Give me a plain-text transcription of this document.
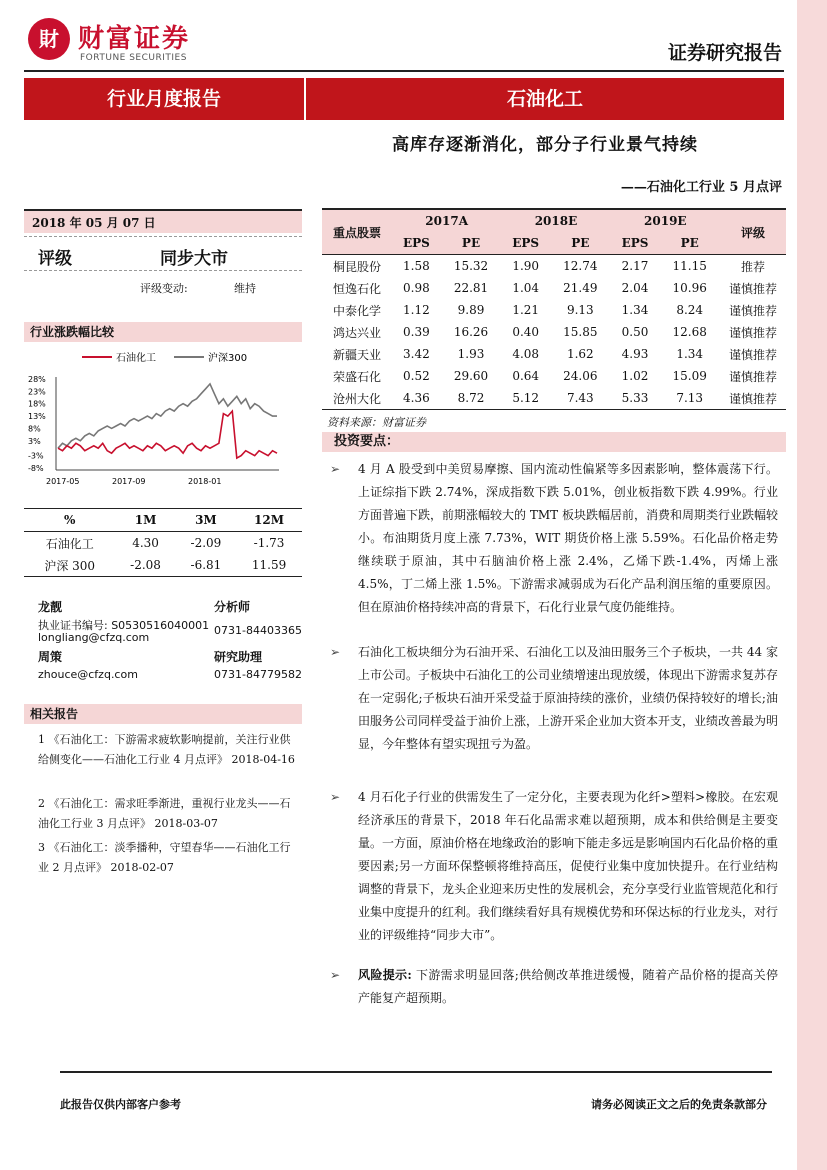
財 财富证券
FORTUNE SECURITIES	证券研究报告
行业月度报告	石油化工
高库存逐渐消化，部分子行业景气持续
——石油化工行业 5 月点评
2018 年 05 月 07 日
评级	同步大市
评级变动:	维持
行业涨跌幅比较
石油化工	沪深300
28%
23%
18%
13%
8%
3%
-3%
-8%
2017-05	2017-09	2018-01
%	1M	3M	12M
石油化工	4.30	-2.09	-1.73
沪深 300	-2.08	-6.81	11.59
龙靓	分析师
执业证书编号: S0530516040001
longliang@cfzq.com
0731-84403365
周策	研究助理
zhouce@cfzq.com	0731-84779582
相关报告
1 《石油化工：下游需求疲软影响提前，关注行业供给侧变化——石油化工行业 4 月点评》 2018-04-16
2 《石油化工：需求旺季渐进，重视行业龙头——石油化工行业 3 月点评》 2018-03-07
3 《石油化工：淡季播种，守望春华——石油化工行业 2 月点评》 2018-02-07
重点股票	2017A		2018E		2019E		评级
	EPS	PE	EPS	PE	EPS	PE	
桐昆股份	1.58	15.32	1.90	12.74	2.17	11.15	推荐
恒逸石化	0.98	22.81	1.04	21.49	2.04	10.96	谨慎推荐
中泰化学	1.12	9.89	1.21	9.13	1.34	8.24	谨慎推荐
鸿达兴业	0.39	16.26	0.40	15.85	0.50	12.68	谨慎推荐
新疆天业	3.42	1.93	4.08	1.62	4.93	1.34	谨慎推荐
荣盛石化	0.52	29.60	0.64	24.06	1.02	15.09	谨慎推荐
沧州大化	4.36	8.72	5.12	7.43	5.33	7.13	谨慎推荐
资料来源：财富证券
投资要点：
➢ 4 月 A 股受到中美贸易摩擦、国内流动性偏紧等多因素影响，整体震荡下行。上证综指下跌 2.74%，深成指数下跌 5.01%，创业板指数下跌 4.99%。行业方面普遍下跌，前期涨幅较大的 TMT 板块跌幅居前，消费和周期类行业跌幅较小。布油期货月度上涨 7.73%，WIT 期货价格上涨 5.59%。石化品价格走势继续联于原油，其中石脑油价格上涨 2.4%，乙烯下跌-1.4%，丙烯上涨 4.5%，丁二烯上涨 1.5%。下游需求减弱成为石化产品利润压缩的重要原因。但在原油价格持续冲高的背景下，石化行业景气度仍能维持。
➢ 石油化工板块细分为石油开采、石油化工以及油田服务三个子板块，一共 44 家上市公司。子板块中石油化工的公司业绩增速出现放缓，体现出下游需求复苏存在一定弱化;子板块石油开采受益于原油持续的涨价，业绩仍保持较好的增长;油田服务公司同样受益于油价上涨，上游开采企业加大资本开支，业绩改善最为明显，今年整体有望实现扭亏为盈。
➢ 4 月石化子行业的供需发生了一定分化，主要表现为化纤>塑料>橡胶。在宏观经济承压的背景下，2018 年石化品需求难以超预期，成本和供给侧是主要变量。一方面，原油价格在地缘政治的影响下能走多远是影响国内石化品价格的重要因素;另一方面环保整顿将维持高压，促使行业集中度加快提升。在行业结构调整的背景下，龙头企业迎来历史性的发展机会，充分享受行业监管规范化和行业集中度提升的红利。我们继续看好具有规模优势和环保达标的行业龙头，对行业的评级维持“同步大市”。
➢ 风险提示: 下游需求明显回落;供给侧改革推进缓慢，随着产品价格的提高关停产能复产超预期。
此报告仅供内部客户参考	请务必阅读正文之后的免责条款部分
